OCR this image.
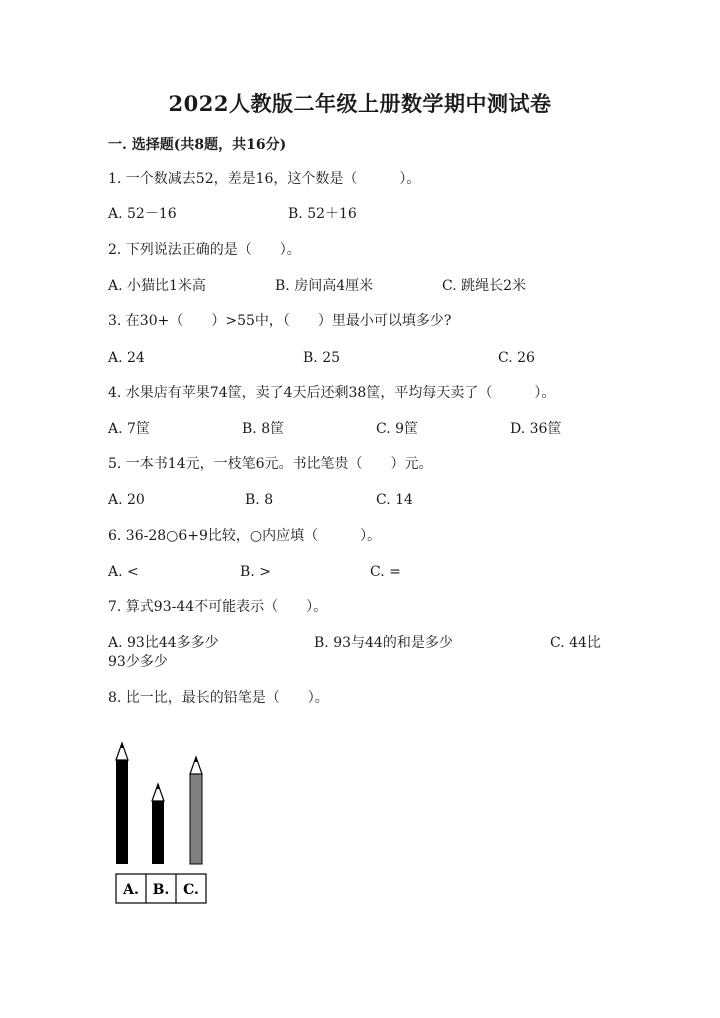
2022人教版二年级上册数学期中测试卷
一. 选择题(共8题，共16分)
1. 一个数减去52，差是16，这个数是（　　　）。
A. 52－16	B. 52＋16
2. 下列说法正确的是（　　）。
A. 小猫比1米高	B. 房间高4厘米	C. 跳绳长2米
3. 在30+（　　）>55中，（　　）里最小可以填多少?
A. 24	B. 25	C. 26
4. 水果店有苹果74筐，卖了4天后还剩38筐，平均每天卖了（　　　）。
A. 7筐	B. 8筐	C. 9筐	D. 36筐
5. 一本书14元，一枝笔6元。书比笔贵（　　）元。
A. 20	B. 8	C. 14
6. 36-28○6+9比较，○内应填（　　　）。
A. <	B. >	C. =
7. 算式93-44不可能表示（　　）。
A. 93比44多多少	B. 93与44的和是多少	C. 44比
93少多少
8. 比一比，最长的铅笔是（　　）。
A. B. C.
